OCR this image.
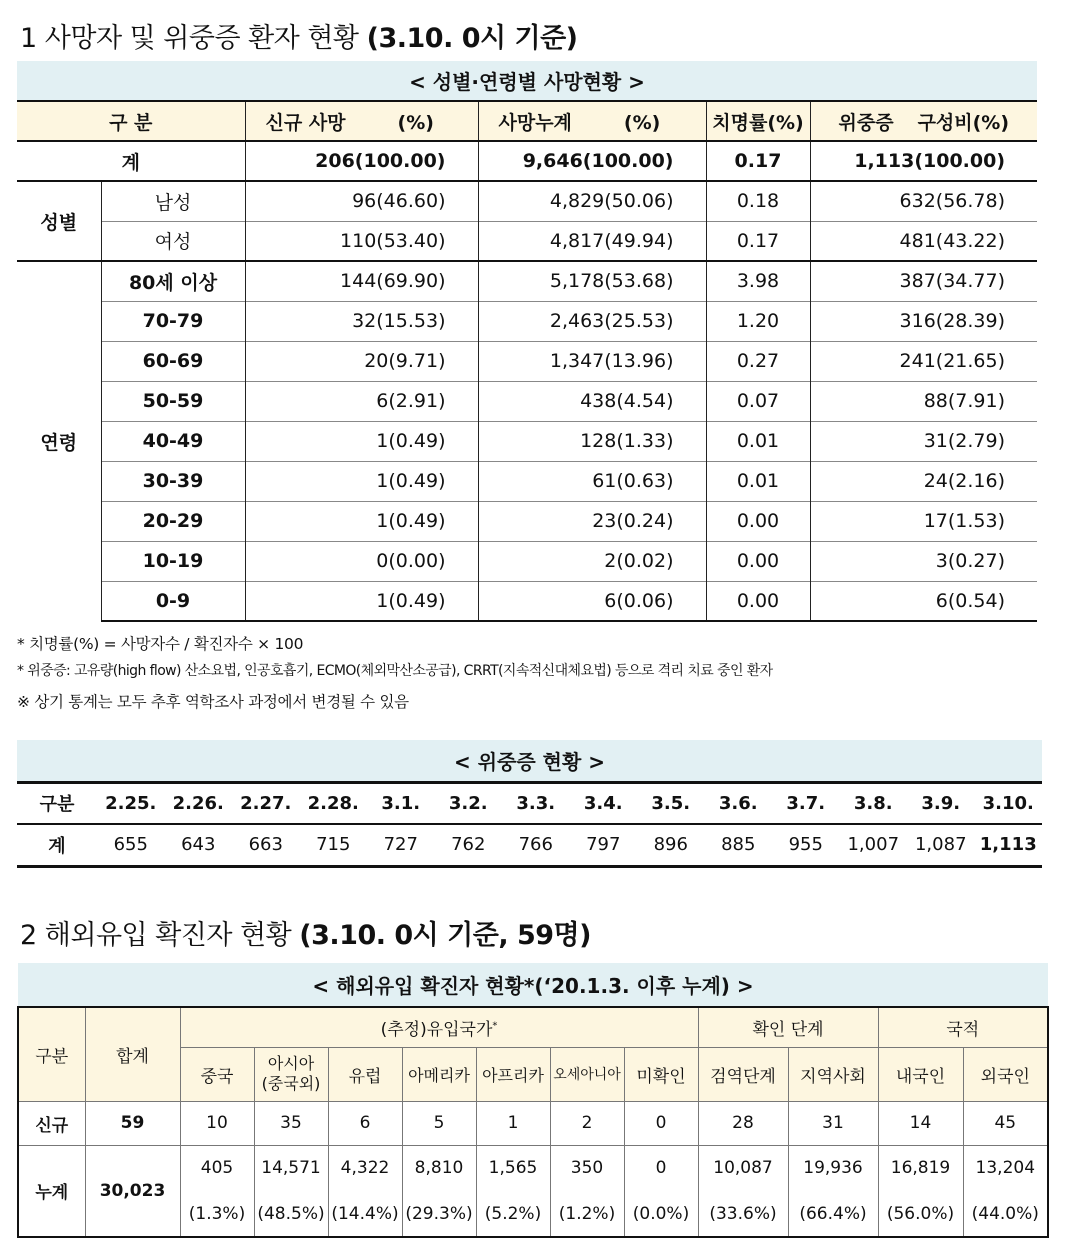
1 사망자 및 위중증 환자 현황 (3.10. 0시 기준)
< 성별·연령별 사망현황 >					
구 분		신규 사망 (%)	사망누계 (%)	치명률(%)	위중증 구성비(%)
계		206(100.00)	9,646(100.00)	0.17	1,113(100.00)
성별	남성	96(46.60)	4,829(50.06)	0.18	632(56.78)
	여성	110(53.40)	4,817(49.94)	0.17	481(43.22)
연령	80세 이상	144(69.90)	5,178(53.68)	3.98	387(34.77)
	70-79	32(15.53)	2,463(25.53)	1.20	316(28.39)
	60-69	20(9.71)	1,347(13.96)	0.27	241(21.65)
	50-59	6(2.91)	438(4.54)	0.07	88(7.91)
	40-49	1(0.49)	128(1.33)	0.01	31(2.79)
	30-39	1(0.49)	61(0.63)	0.01	24(2.16)
	20-29	1(0.49)	23(0.24)	0.00	17(1.53)
	10-19	0(0.00)	2(0.02)	0.00	3(0.27)
	0-9	1(0.49)	6(0.06)	0.00	6(0.54)
* 치명률(%) = 사망자수 / 확진자수 × 100
* 위중증: 고유량(high flow) 산소요법, 인공호흡기, ECMO(체외막산소공급), CRRT(지속적신대체요법) 등으로 격리 치료 중인 환자
※ 상기 통계는 모두 추후 역학조사 과정에서 변경될 수 있음
< 위중증 현황 >														
구분	2.25.	2.26.	2.27.	2.28.	3.1.	3.2.	3.3.	3.4.	3.5.	3.6.	3.7.	3.8.	3.9.	3.10.
계	655	643	663	715	727	762	766	797	896	885	955	1,007	1,087	1,113
2 해외유입 확진자 현황 (3.10. 0시 기준, 59명)
< 해외유입 확진자 현황*(‘20.1.3. 이후 누계) >												
구분	합계	(추정)유입국가*							확인 단계		국적	
		중국	아시아
(중국외)	유럽	아메리카	아프리카	오세아니아	미확인	검역단계	지역사회	내국인	외국인
신규	59	10	35	6	5	1	2	0	28	31	14	45
누계	30,023	405	14,571	4,322	8,810	1,565	350	0	10,087	19,936	16,819	13,204
		(1.3%)	(48.5%)	(14.4%)	(29.3%)	(5.2%)	(1.2%)	(0.0%)	(33.6%)	(66.4%)	(56.0%)	(44.0%)
